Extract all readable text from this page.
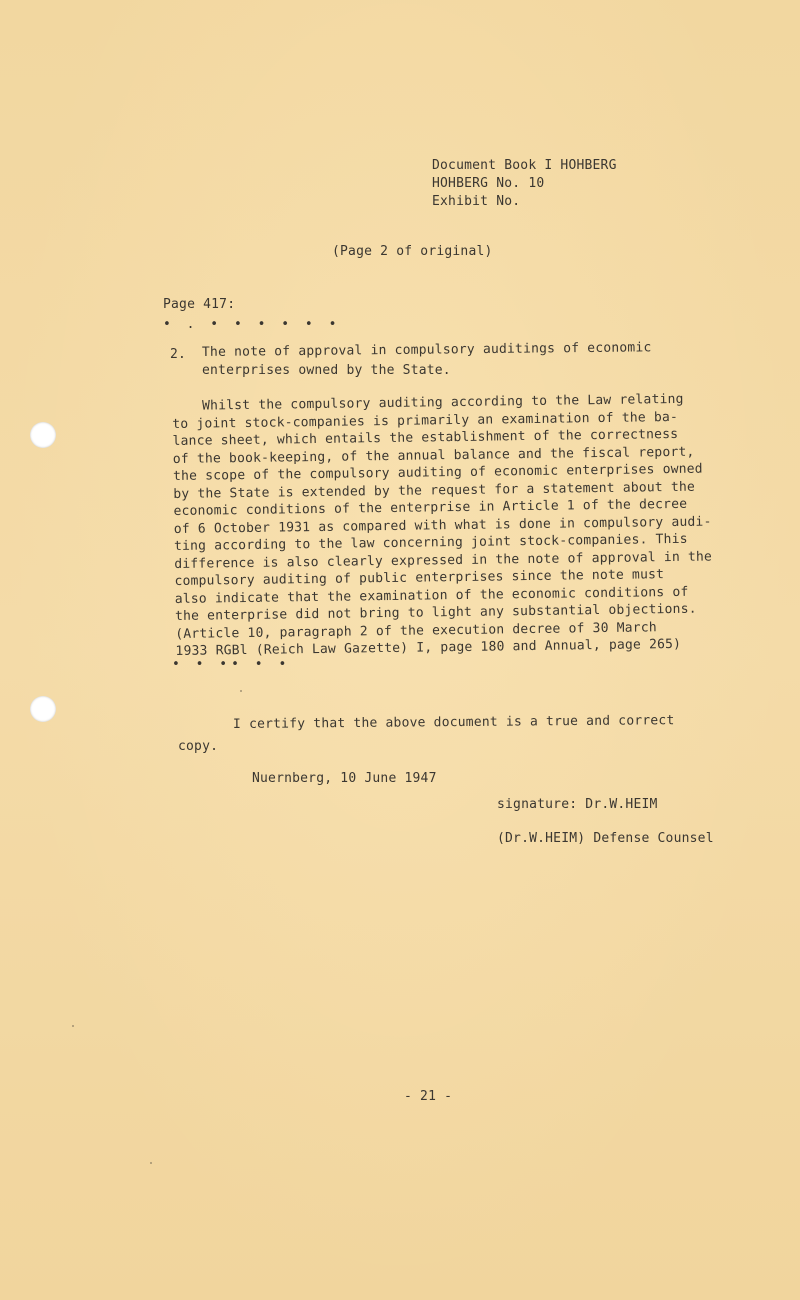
Document Book I HOHBERG
HOHBERG No. 10
Exhibit No.
(Page 2 of original)
Page 417:
• . • • • • • •
2. The note of approval in compulsory auditings of economic
enterprises owned by the State.
Whilst the compulsory auditing according to the Law relating
to joint stock-companies is primarily an examination of the ba-
lance sheet, which entails the establishment of the correctness
of the book-keeping, of the annual balance and the fiscal report,
the scope of the compulsory auditing of economic enterprises owned
by the State is extended by the request for a statement about the
economic conditions of the enterprise in Article 1 of the decree
of 6 October 1931 as compared with what is done in compulsory audi-
ting according to the law concerning joint stock-companies. This
difference is also clearly expressed in the note of approval in the
compulsory auditing of public enterprises since the note must
also indicate that the examination of the economic conditions of
the enterprise did not bring to light any substantial objections.
(Article 10, paragraph 2 of the execution decree of 30 March
1933 RGBl (Reich Law Gazette) I, page 180 and Annual, page 265)
• • •• • •
I certify that the above document is a true and correct
copy.
Nuernberg, 10 June 1947
signature: Dr.W.HEIM
(Dr.W.HEIM) Defense Counsel
- 21 -
